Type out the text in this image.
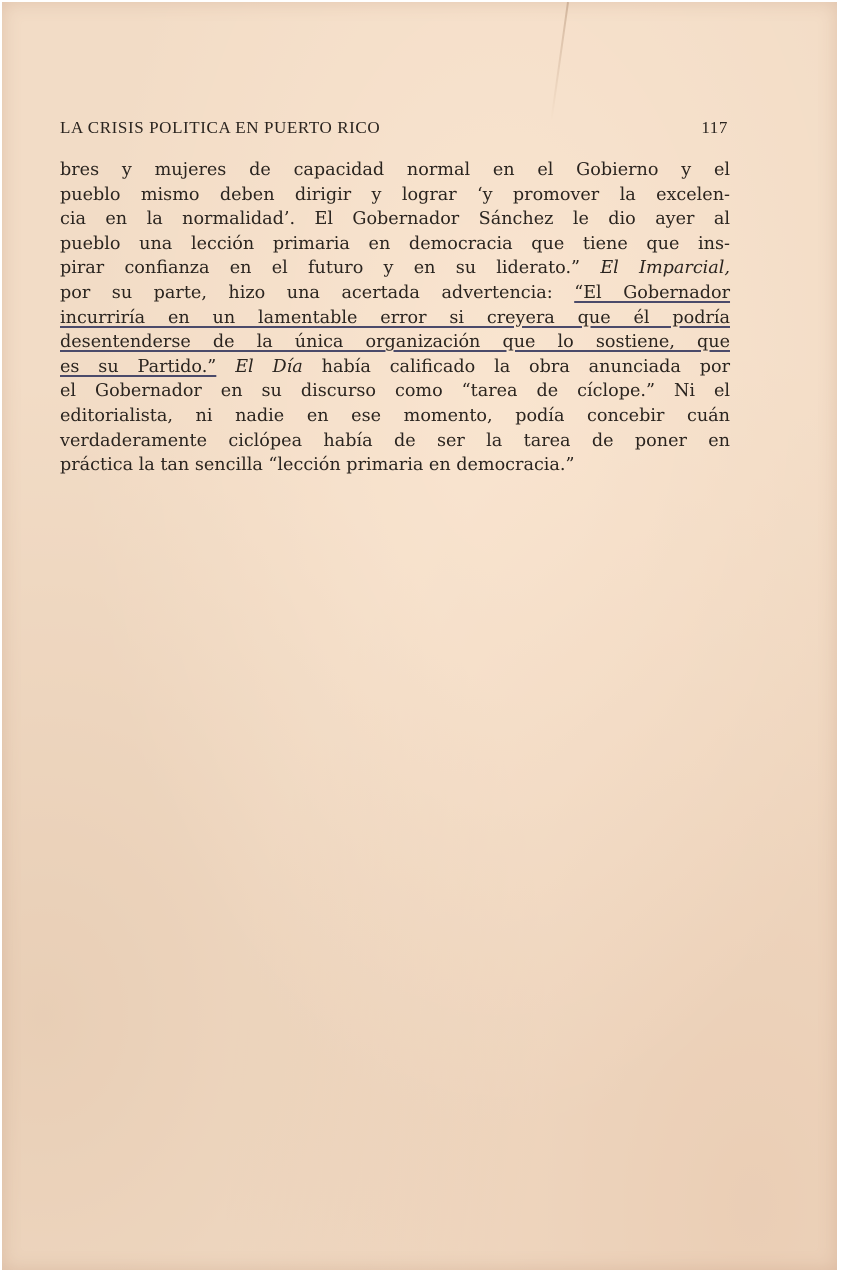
LA CRISIS POLITICA EN PUERTO RICO	117
bres y mujeres de capacidad normal en el Gobierno y el
pueblo mismo deben dirigir y lograr ‘y promover la excelen-
cia en la normalidad’. El Gobernador Sánchez le dio ayer al
pueblo una lección primaria en democracia que tiene que ins-
pirar confianza en el futuro y en su liderato.” El Imparcial,
por su parte, hizo una acertada advertencia: “El Gobernador
incurriría en un lamentable error si creyera que él podría
desentenderse de la única organización que lo sostiene, que
es su Partido.” El Día había calificado la obra anunciada por
el Gobernador en su discurso como “tarea de cíclope.” Ni el
editorialista, ni nadie en ese momento, podía concebir cuán
verdaderamente ciclópea había de ser la tarea de poner en
práctica la tan sencilla “lección primaria en democracia.”
